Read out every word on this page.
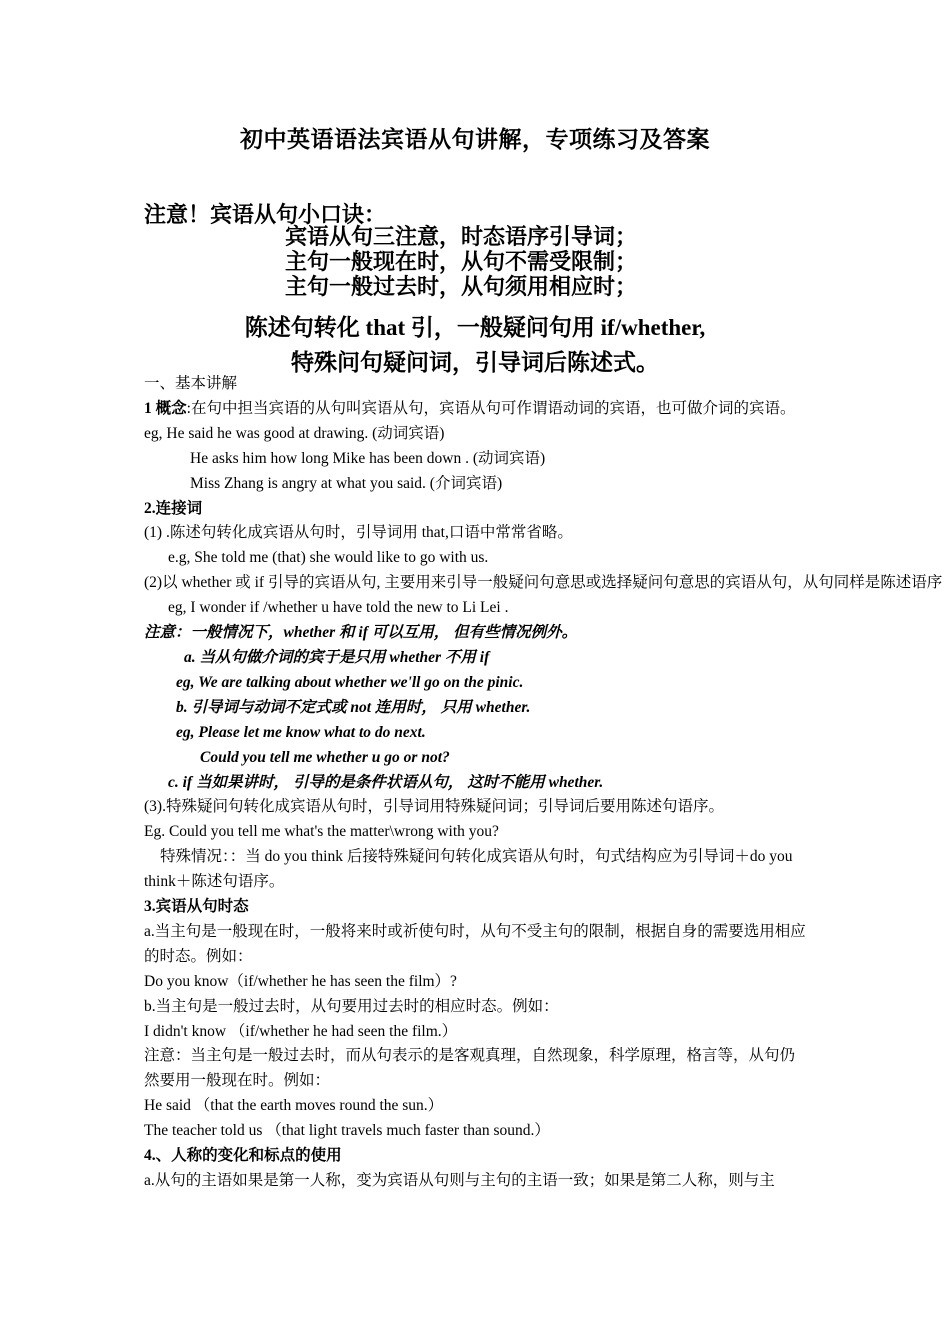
初中英语语法宾语从句讲解，专项练习及答案
注意！宾语从句小口诀：
宾语从句三注意，时态语序引导词；
主句一般现在时，从句不需受限制；
主句一般过去时，从句须用相应时；
陈述句转化 that 引，一般疑问句用 if/whether,
特殊问句疑问词，引导词后陈述式。

一、基本讲解

1 概念:在句中担当宾语的从句叫宾语从句，宾语从句可作谓语动词的宾语，也可做介词的宾语。eg, He said he was good at drawing. (动词宾语)

He asks him how long Mike has been down . (动词宾语)

Miss Zhang is angry at what you said. (介词宾语)

2.连接词

(1) .陈述句转化成宾语从句时，引导词用 that,口语中常常省略。

e.g, She told me (that) she would like to go with us.

(2)以 whether 或 if 引导的宾语从句, 主要用来引导一般疑问句意思或选择疑问句意思的宾语从句，从句同样是陈述语序

eg, I wonder if /whether u have told the new to Li Lei .

注意：一般情况下，whether 和 if 可以互用， 但有些情况例外。

a. 当从句做介词的宾于是只用 whether 不用 if

eg, We are talking about whether we'll go on the pinic.

b. 引导词与动词不定式或 not 连用时， 只用 whether.

eg, Please let me know what to do next.

Could you tell me whether u go or not?

c. if 当如果讲时， 引导的是条件状语从句， 这时不能用 whether.

(3).特殊疑问句转化成宾语从句时，引导词用特殊疑问词；引导词后要用陈述句语序。

Eg. Could you tell me what's the matter\wrong with you?

特殊情况：：当 do you think 后接特殊疑问句转化成宾语从句时，句式结构应为引导词＋do you think＋陈述句语序。

3.宾语从句时态

a.当主句是一般现在时，一般将来时或祈使句时，从句不受主句的限制，根据自身的需要选用相应的时态。例如：

Do you know（if/whether he has seen the film）?

b.当主句是一般过去时，从句要用过去时的相应时态。例如：

I didn't know （if/whether he had seen the film.）

注意：当主句是一般过去时，而从句表示的是客观真理，自然现象，科学原理，格言等，从句仍然要用一般现在时。例如：

He said （that the earth moves round the sun.）

The teacher told us （that light travels much faster than sound.）

4.、人称的变化和标点的使用

a.从句的主语如果是第一人称，变为宾语从句则与主句的主语一致；如果是第二人称，则与主
